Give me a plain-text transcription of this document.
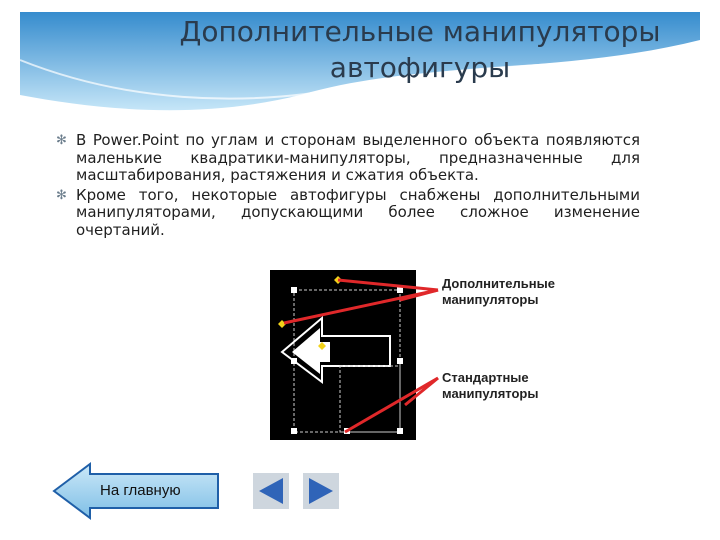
Дополнительные манипуляторы
автофигуры
✻ В Power.Point по углам и сторонам выделенного объекта появляются маленькие квадратики-манипуляторы, предназначенные для масштабирования, растяжения и сжатия объекта.
✻ Кроме того, некоторые автофигуры снабжены дополнительными манипуляторами, допускающими более сложное изменение очертаний.
Дополнительные
манипуляторы
Стандартные
манипуляторы
На главную
